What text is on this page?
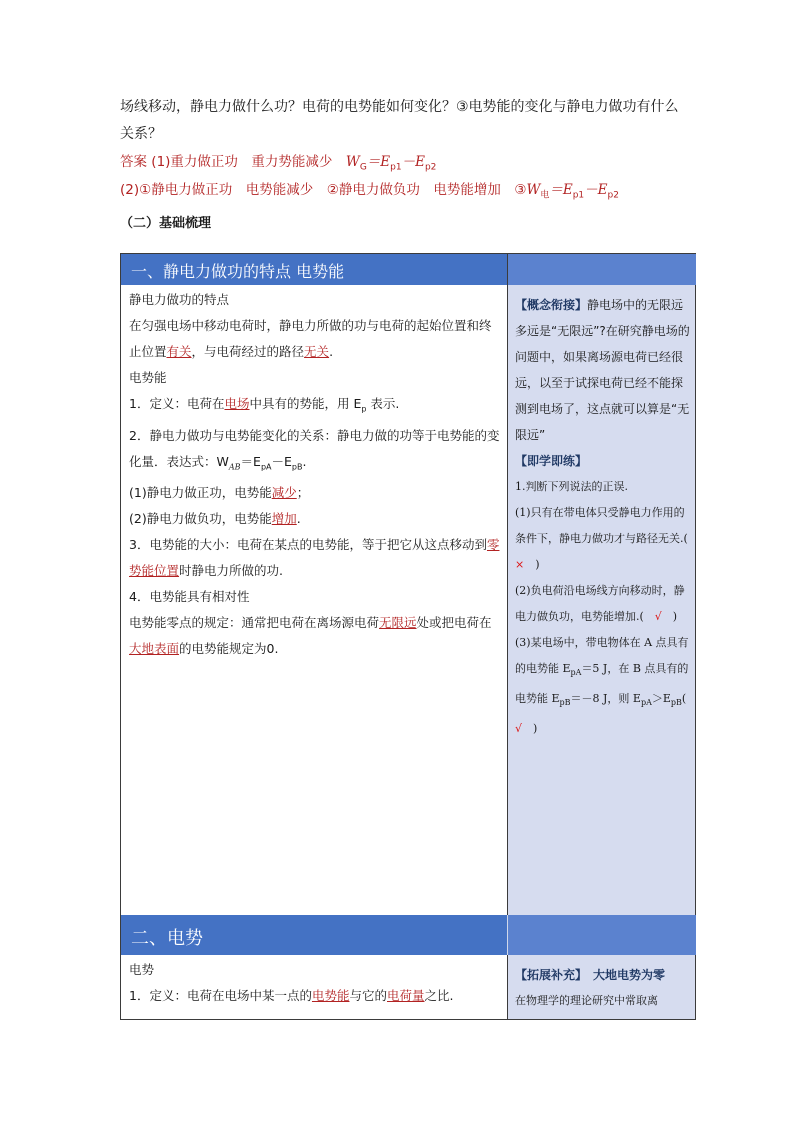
场线移动，静电力做什么功？电荷的电势能如何变化？③电势能的变化与静电力做功有什么关系？
答案 (1)重力做正功　重力势能减少　$W_G=E_{p1}-E_{p2}$
(2)①静电力做正功　电势能减少　②静电力做负功　电势能增加　$③W_电=E_{p1}-E_{p2}$
（二）基础梳理
一、静电力做功的特点 电势能
静电力做功的特点
在匀强电场中移动电荷时，静电力所做的功与电荷的起始位置和终止位置有关，与电荷经过的路径无关.
电势能
1．定义：电荷在电场中具有的势能，用 $E_p$ 表示.
2．静电力做功与电势能变化的关系：静电力做的功等于电势能的变化量．表达式：$W_{AB}=E_{pA}-E_{pB}$.
(1)静电力做正功，电势能减少；
(2)静电力做负功，电势能增加.
3．电势能的大小：电荷在某点的电势能，等于把它从这点移动到零势能位置时静电力所做的功.
4．电势能具有相对性
电势能零点的规定：通常把电荷在离场源电荷无限远处或把电荷在大地表面的电势能规定为0.
【概念衔接】静电场中的无限远
多远是“无限远”?在研究静电场的问题中，如果离场源电荷已经很远，以至于试探电荷已经不能探测到电场了，这点就可以算是“无限远”
【即学即练】
1.判断下列说法的正误.
(1)只有在带电体只受静电力作用的条件下，静电力做功才与路径无关.(　×　)
(2)负电荷沿电场线方向移动时，静电力做负功，电势能增加.(　√　)
(3)某电场中，带电物体在 A 点具有的电势能 $E_{pA}=5$ J，在 B 点具有的电势能 $E_{pB}=-8$ J，则 $E_{pA}>E_{pB}$(　√　)
二、电势
电势
1．定义：电荷在电场中某一点的电势能与它的电荷量之比.
【拓展补充】　大地电势为零
在物理学的理论研究中常取离
